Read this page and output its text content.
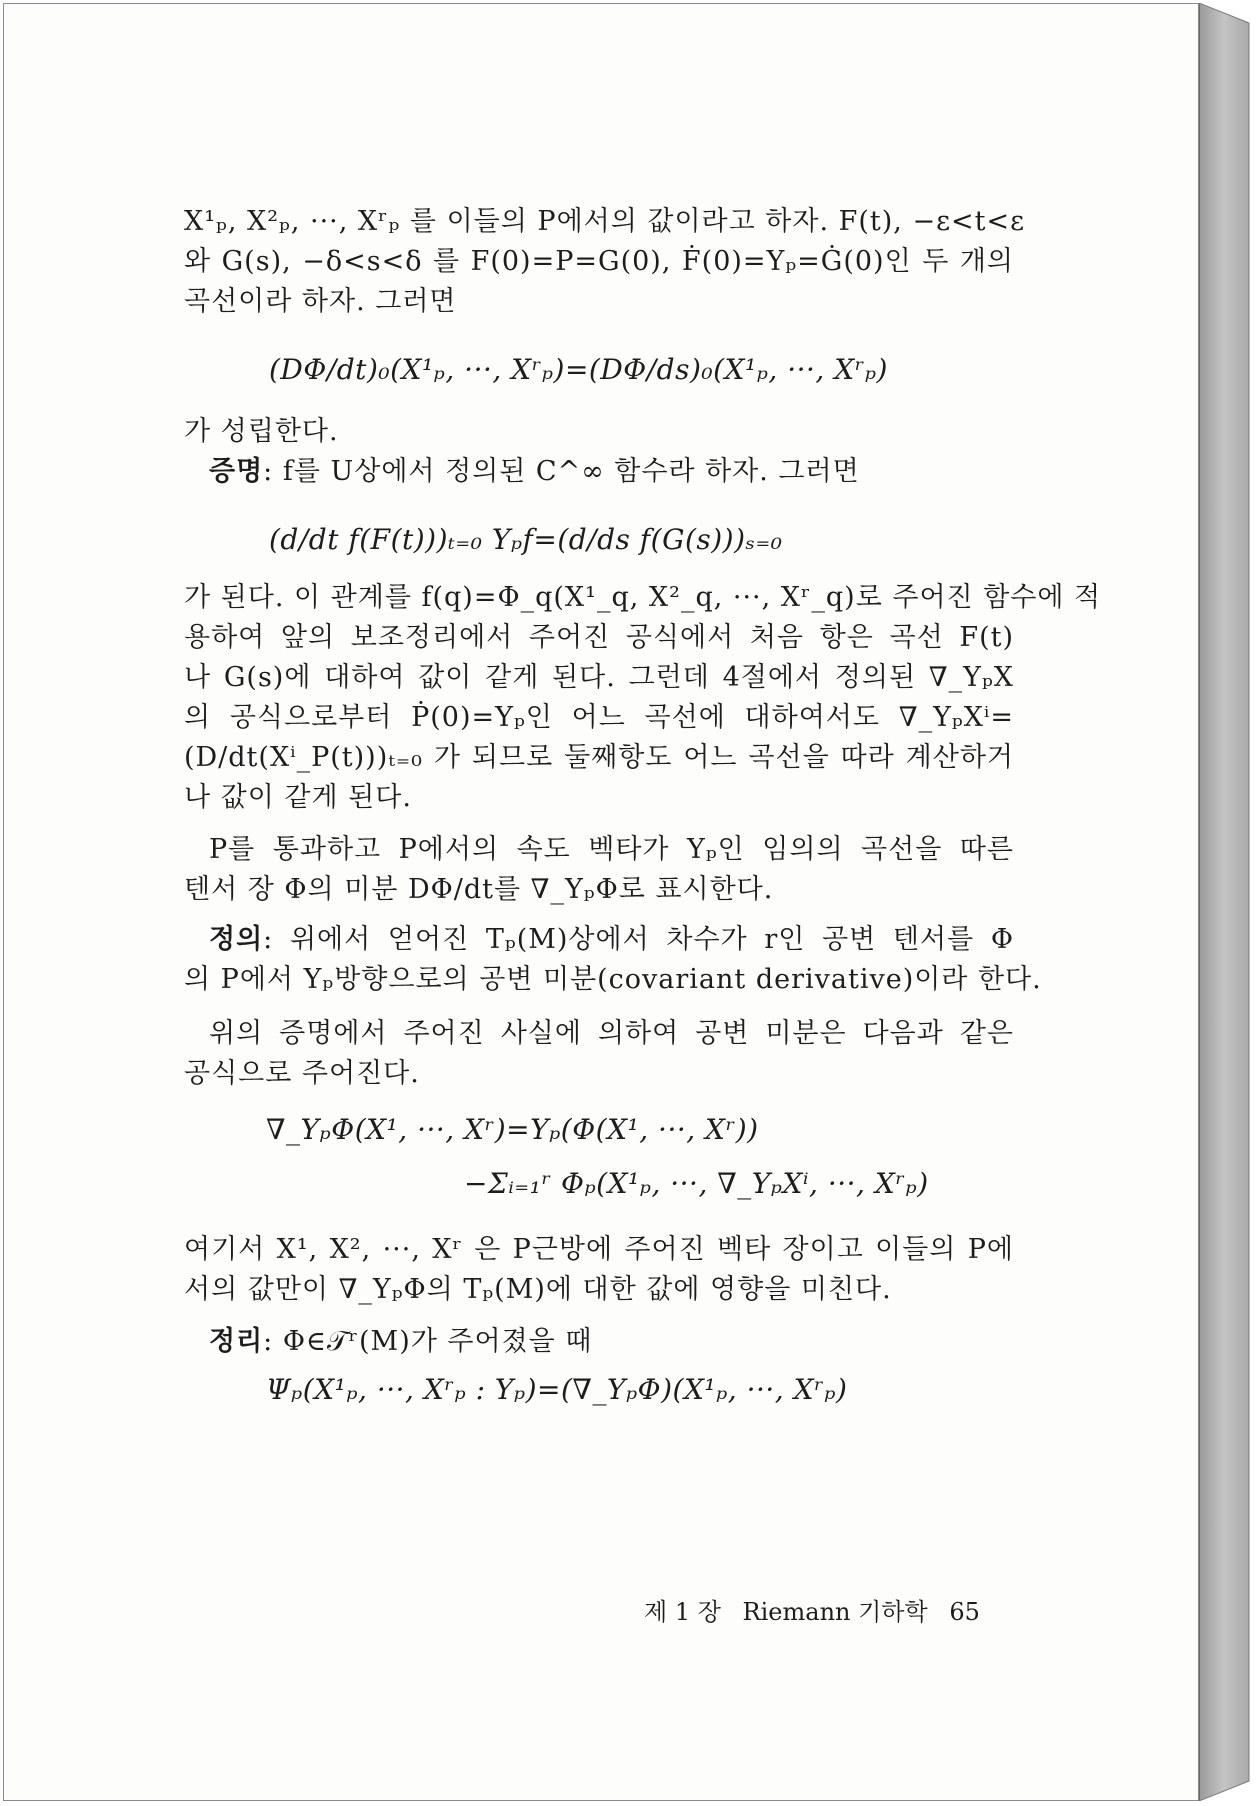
X¹ₚ, X²ₚ, ···, Xʳₚ 를 이들의 P에서의 값이라고 하자. F(t), −ε<t<ε
와 G(s), −δ<s<δ 를 F(0)=P=G(0), Ḟ(0)=Yₚ=Ġ(0)인 두 개의
곡선이라 하자. 그러면
(DΦ/dt)₀(X¹ₚ, ···, Xʳₚ)=(DΦ/ds)₀(X¹ₚ, ···, Xʳₚ)
가 성립한다.
증명: f를 U상에서 정의된 C^∞ 함수라 하자. 그러면
(d/dt f(F(t)))ₜ₌₀ Yₚf=(d/ds f(G(s)))ₛ₌₀
가 된다. 이 관계를 f(q)=Φ_q(X¹_q, X²_q, ···, Xʳ_q)로 주어진 함수에 적
용하여 앞의 보조정리에서 주어진 공식에서 처음 항은 곡선 F(t)
나 G(s)에 대하여 값이 같게 된다. 그런데 4절에서 정의된 ∇_YₚX
의 공식으로부터 Ṗ(0)=Yₚ인 어느 곡선에 대하여서도 ∇_YₚXⁱ=
(D/dt(Xⁱ_P(t)))ₜ₌₀ 가 되므로 둘째항도 어느 곡선을 따라 계산하거
나 값이 같게 된다.
P를 통과하고 P에서의 속도 벡타가 Yₚ인 임의의 곡선을 따른
텐서 장 Φ의 미분 DΦ/dt를 ∇_YₚΦ로 표시한다.
정의: 위에서 얻어진 Tₚ(M)상에서 차수가 r인 공변 텐서를 Φ
의 P에서 Yₚ방향으로의 공변 미분(covariant derivative)이라 한다.
위의 증명에서 주어진 사실에 의하여 공변 미분은 다음과 같은
공식으로 주어진다.
∇_YₚΦ(X¹, ···, Xʳ)=Yₚ(Φ(X¹, ···, Xʳ))
−Σᵢ₌₁ʳ Φₚ(X¹ₚ, ···, ∇_YₚXⁱ, ···, Xʳₚ)
여기서 X¹, X², ···, Xʳ 은 P근방에 주어진 벡타 장이고 이들의 P에
서의 값만이 ∇_YₚΦ의 Tₚ(M)에 대한 값에 영향을 미친다.
정리: Φ∈𝒯ʳ(M)가 주어졌을 때
Ψₚ(X¹ₚ, ···, Xʳₚ : Yₚ)=(∇_YₚΦ)(X¹ₚ, ···, Xʳₚ)
제 1 장 Riemann 기하학 65
